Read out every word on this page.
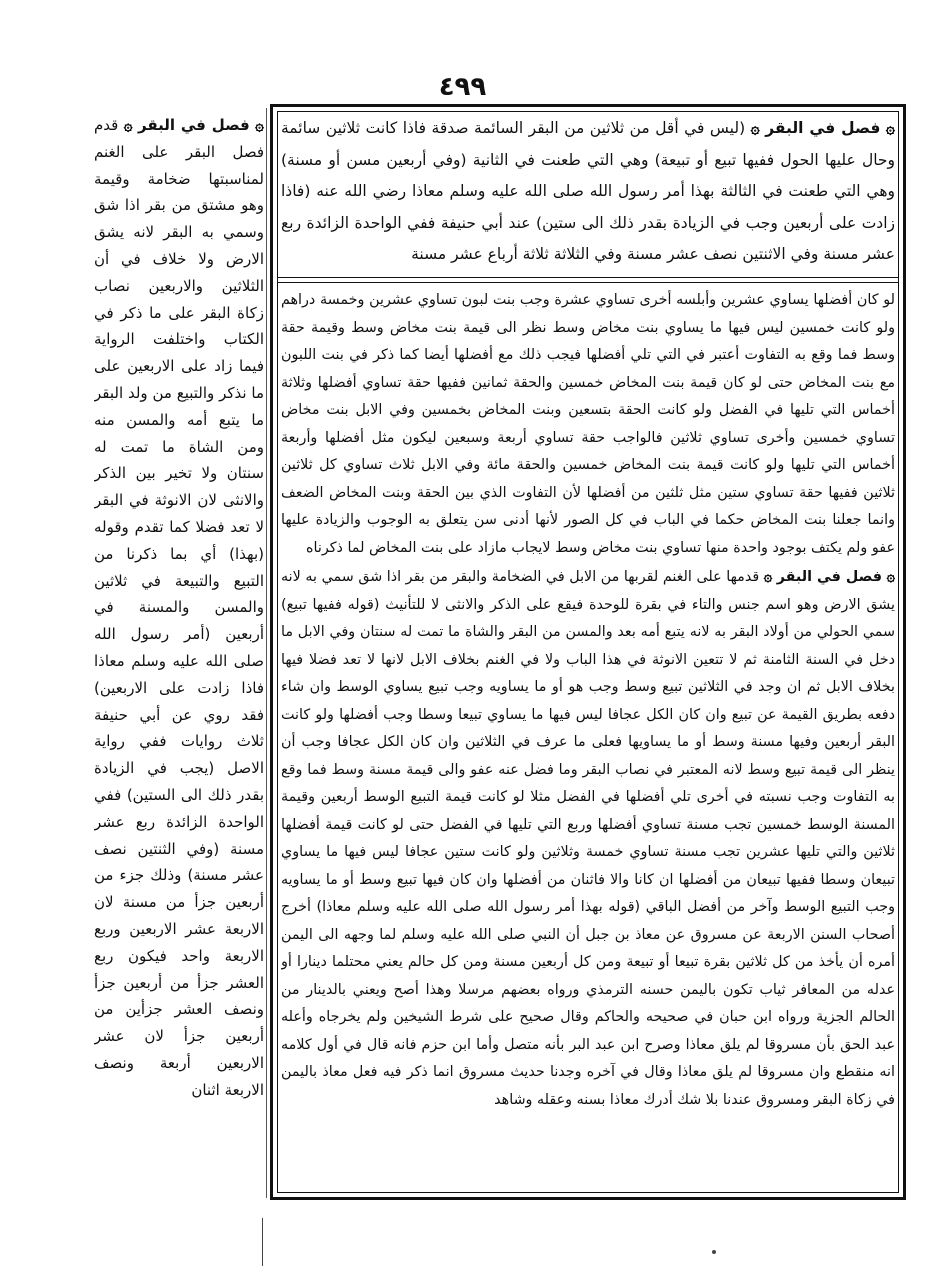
٤٩٩
۞ فصل في البقر ۞ قدم فصل البقر على الغنم لمناسبتها ضخامة وقيمة وهو مشتق من بقر اذا شق وسمي به البقر لانه يشق الارض ولا خلاف في أن الثلاثين والاربعين نصاب زكاة البقر على ما ذكر في الكتاب واختلفت الرواية فيما زاد على الاربعين على ما نذكر والتبيع من ولد البقر ما يتبع أمه والمسن منه ومن الشاة ما تمت له سنتان ولا تخير بين الذكر والانثى لان الانوثة في البقر لا تعد فضلا كما تقدم وقوله (بهذا) أي بما ذكرنا من التبيع والتبيعة في ثلاثين والمسن والمسنة في أربعين (أمر رسول الله صلى الله عليه وسلم معاذا فاذا زادت على الاربعين) فقد روي عن أبي حنيفة ثلاث روايات ففي رواية الاصل (يجب في الزيادة بقدر ذلك الى الستين) ففي الواحدة الزائدة ربع عشر مسنة (وفي الثنتين نصف عشر مسنة) وذلك جزء من أربعين جزأ من مسنة لان الاربعة عشر الاربعين وربع الاربعة واحد فيكون ربع العشر جزأ من أربعين جزأ ونصف العشر جزأين من أربعين جزأ لان عشر الاربعين أربعة ونصف الاربعة اثنان
۞ فصل في البقر ۞ (ليس في أقل من ثلاثين من البقر السائمة صدقة فاذا كانت ثلاثين سائمة وحال عليها الحول ففيها تبيع أو تبيعة) وهي التي طعنت في الثانية (وفي أربعين مسن أو مسنة) وهي التي طعنت في الثالثة بهذا أمر رسول الله صلى الله عليه وسلم معاذا رضي الله عنه (فاذا زادت على أربعين وجب في الزيادة بقدر ذلك الى ستين) عند أبي حنيفة ففي الواحدة الزائدة ربع عشر مسنة وفي الاثنتين نصف عشر مسنة وفي الثلاثة ثلاثة أرباع عشر مسنة

لو كان أفضلها يساوي عشرين وأبلسه أخرى تساوي عشرة وجب بنت لبون تساوي عشرين وخمسة دراهم ولو كانت خمسين ليس فيها ما يساوي بنت مخاض وسط نظر الى قيمة بنت مخاض وسط وقيمة حقة وسط فما وقع به التفاوت أعتبر في التي تلي أفضلها فيجب ذلك مع أفضلها أيضا كما ذكر في بنت اللبون مع بنت المخاض حتى لو كان قيمة بنت المخاض خمسين والحقة ثمانين ففيها حقة تساوي أفضلها وثلاثة أخماس التي تليها في الفضل ولو كانت الحقة بتسعين وبنت المخاض بخمسين وفي الابل بنت مخاض تساوي خمسين وأخرى تساوي ثلاثين فالواجب حقة تساوي أربعة وسبعين ليكون مثل أفضلها وأربعة أخماس التي تليها ولو كانت قيمة بنت المخاض خمسين والحقة مائة وفي الابل ثلاث تساوي كل ثلاثين ثلاثين ففيها حقة تساوي ستين مثل ثلثين من أفضلها لأن التفاوت الذي بين الحقة وبنت المخاض الضعف وانما جعلنا بنت المخاض حكما في الباب في كل الصور لأنها أدنى سن يتعلق به الوجوب والزيادة عليها عفو ولم يكتف بوجود واحدة منها تساوي بنت مخاض وسط لايجاب مازاد على بنت المخاض لما ذكرناه

۞ فصل في البقر ۞ قدمها على الغنم لقربها من الابل في الضخامة والبقر من بقر اذا شق سمي به لانه يشق الارض وهو اسم جنس والتاء في بقرة للوحدة فيقع على الذكر والانثى لا للتأنيث (قوله ففيها تبيع) سمي الحولي من أولاد البقر به لانه يتبع أمه بعد والمسن من البقر والشاة ما تمت له سنتان وفي الابل ما دخل في السنة الثامنة ثم لا تتعين الانوثة في هذا الباب ولا في الغنم بخلاف الابل لانها لا تعد فضلا فيها بخلاف الابل ثم ان وجد في الثلاثين تبيع وسط وجب هو أو ما يساويه وجب تبيع يساوي الوسط وان شاء دفعه بطريق القيمة عن تبيع وان كان الكل عجافا ليس فيها ما يساوي تبيعا وسطا وجب أفضلها ولو كانت البقر أربعين وفيها مسنة وسط أو ما يساويها فعلى ما عرف في الثلاثين وان كان الكل عجافا وجب أن ينظر الى قيمة تبيع وسط لانه المعتبر في نصاب البقر وما فضل عنه عفو والى قيمة مسنة وسط فما وقع به التفاوت وجب نسبته في أخرى تلي أفضلها في الفضل مثلا لو كانت قيمة التبيع الوسط أربعين وقيمة المسنة الوسط خمسين تجب مسنة تساوي أفضلها وربع التي تليها في الفضل حتى لو كانت قيمة أفضلها ثلاثين والتي تليها عشرين تجب مسنة تساوي خمسة وثلاثين ولو كانت ستين عجافا ليس فيها ما يساوي تبيعان وسطا ففيها تبيعان من أفضلها ان كانا والا فاثنان من أفضلها وان كان فيها تبيع وسط أو ما يساويه وجب التبيع الوسط وآخر من أفضل الباقي (قوله بهذا أمر رسول الله صلى الله عليه وسلم معاذا) أخرج أصحاب السنن الاربعة عن مسروق عن معاذ بن جبل أن النبي صلى الله عليه وسلم لما وجهه الى اليمن أمره أن يأخذ من كل ثلاثين بقرة تبيعا أو تبيعة ومن كل أربعين مسنة ومن كل حالم يعني محتلما دينارا أو عدله من المعافر ثياب تكون باليمن حسنه الترمذي ورواه بعضهم مرسلا وهذا أصح ويعني بالدينار من الحالم الجزية ورواه ابن حبان في صحيحه والحاكم وقال صحيح على شرط الشيخين ولم يخرجاه وأعله عبد الحق بأن مسروقا لم يلق معاذا وصرح ابن عبد البر بأنه متصل وأما ابن حزم فانه قال في أول كلامه انه منقطع وان مسروقا لم يلق معاذا وقال في آخره وجدنا حديث مسروق انما ذكر فيه فعل معاذ باليمن في زكاة البقر ومسروق عندنا بلا شك أدرك معاذا بسنه وعقله وشاهد
